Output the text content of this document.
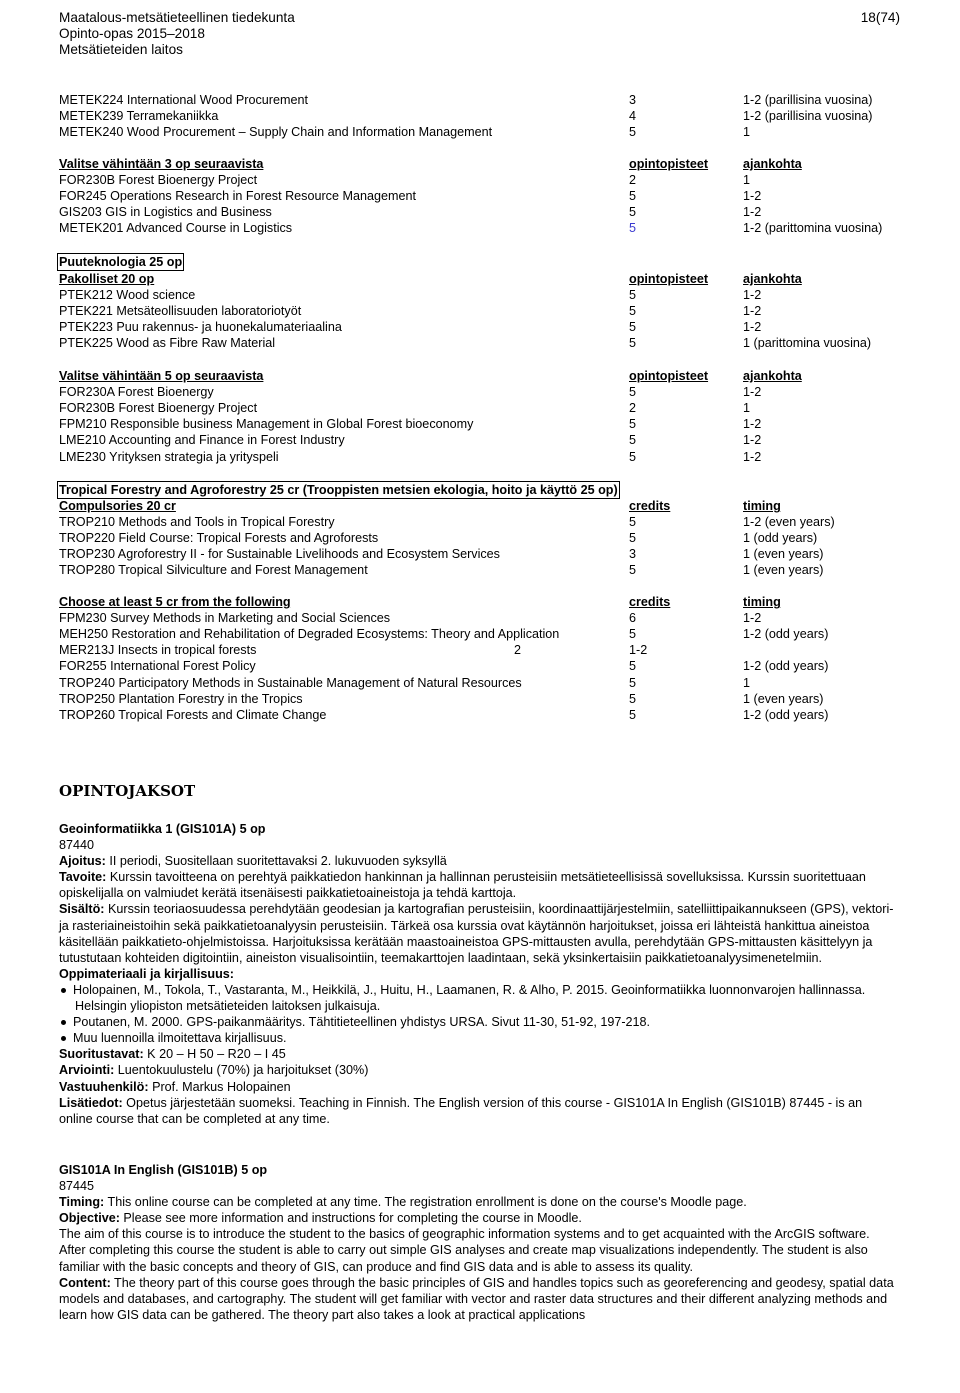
Maatalous-metsätieteellinen tiedekunta
Opinto-opas 2015–2018
Metsätieteiden laitos
18(74)
METEK224 International Wood Procurement	3	1-2 (parillisina vuosina)
METEK239 Terramekaniikka	4	1-2 (parillisina vuosina)
METEK240 Wood Procurement – Supply Chain and Information Management	5	1
Valitse vähintään 3 op seuraavista	opintopisteet	ajankohta
FOR230B Forest Bioenergy Project	2	1
FOR245 Operations Research in Forest Resource Management	5	1-2
GIS203 GIS in Logistics and Business	5	1-2
METEK201 Advanced Course in Logistics	5	1-2 (parittomina vuosina)
Puuteknologia 25 op
Pakolliset 20 op	opintopisteet	ajankohta
PTEK212 Wood science	5	1-2
PTEK221 Metsäteollisuuden laboratoriotyöt	5	1-2
PTEK223 Puu rakennus- ja huonekalumateriaalina	5	1-2
PTEK225 Wood as Fibre Raw Material	5	1 (parittomina vuosina)
Valitse vähintään 5 op seuraavista	opintopisteet	ajankohta
FOR230A Forest Bioenergy	5	1-2
FOR230B Forest Bioenergy Project	2	1
FPM210 Responsible business Management in Global Forest bioeconomy	5	1-2
LME210 Accounting and Finance in Forest Industry	5	1-2
LME230 Yrityksen strategia ja yrityspeli	5	1-2
Tropical Forestry and Agroforestry 25 cr (Trooppisten metsien ekologia, hoito ja käyttö 25 op)
Compulsories 20 cr	credits	timing
TROP210 Methods and Tools in Tropical Forestry	5	1-2 (even years)
TROP220 Field Course: Tropical Forests and Agroforests	5	1 (odd years)
TROP230 Agroforestry II - for Sustainable Livelihoods and Ecosystem Services	3	1 (even years)
TROP280 Tropical Silviculture and Forest Management	5	1 (even years)
Choose at least 5 cr from the following	credits	timing
FPM230 Survey Methods in Marketing and Social Sciences	6	1-2
MEH250 Restoration and Rehabilitation of Degraded Ecosystems: Theory and Application	5	1-2 (odd years)
MER213J Insects in tropical forests	2	1-2
FOR255 International Forest Policy	5	1-2 (odd years)
TROP240 Participatory Methods in Sustainable Management of Natural Resources	5	1
TROP250 Plantation Forestry in the Tropics	5	1 (even years)
TROP260 Tropical Forests and Climate Change	5	1-2 (odd years)
OPINTOJAKSOT

Geoinformatiikka 1 (GIS101A) 5 op

87440

Ajoitus: II periodi, Suositellaan suoritettavaksi 2. lukuvuoden syksyllä

Tavoite: Kurssin tavoitteena on perehtyä paikkatiedon hankinnan ja hallinnan perusteisiin metsätieteellisissä sovelluksissa. Kurssin suoritettuaan opiskelijalla on valmiudet kerätä itsenäisesti paikkatietoaineistoja ja tehdä karttoja.

Sisältö: Kurssin teoriaosuudessa perehdytään geodesian ja kartografian perusteisiin, koordinaattijärjestelmiin, satelliittipaikannukseen (GPS), vektori- ja rasteriaineistoihin sekä paikkatietoanalyysin perusteisiin. Tärkeä osa kurssia ovat käytännön harjoitukset, joissa eri lähteistä hankittua aineistoa käsitellään paikkatieto-ohjelmistoissa. Harjoituksissa kerätään maastoaineistoa GPS-mittausten avulla, perehdytään GPS-mittausten käsittelyyn ja tutustutaan kohteiden digitointiin, aineiston visualisointiin, teemakarttojen laadintaan, sekä yksinkertaisiin paikkatietoanalyysimenetelmiin.

Oppimateriaali ja kirjallisuus:

Holopainen, M., Tokola, T., Vastaranta, M., Heikkilä, J., Huitu, H., Laamanen, R. & Alho, P. 2015. Geoinformatiikka luonnonvarojen hallinnassa. Helsingin yliopiston metsätieteiden laitoksen julkaisuja.

Poutanen, M. 2000. GPS-paikanmääritys. Tähtitieteellinen yhdistys URSA. Sivut 11-30, 51-92, 197-218.

Muu luennoilla ilmoitettava kirjallisuus.

Suoritustavat: K 20 – H 50 – R20 – I 45

Arviointi: Luentokuulustelu (70%) ja harjoitukset (30%)

Vastuuhenkilö: Prof. Markus Holopainen

Lisätiedot: Opetus järjestetään suomeksi. Teaching in Finnish. The English version of this course - GIS101A In English (GIS101B) 87445 - is an online course that can be completed at any time.

GIS101A In English (GIS101B) 5 op

87445

Timing: This online course can be completed at any time. The registration enrollment is done on the course's Moodle page.

Objective: Please see more information and instructions for completing the course in Moodle.

The aim of this course is to introduce the student to the basics of geographic information systems and to get acquainted with the ArcGIS software. After completing this course the student is able to carry out simple GIS analyses and create map visualizations independently. The student is also familiar with the basic concepts and theory of GIS, can produce and find GIS data and is able to assess its quality.

Content: The theory part of this course goes through the basic principles of GIS and handles topics such as georeferencing and geodesy, spatial data models and databases, and cartography. The student will get familiar with vector and raster data structures and their different analyzing methods and learn how GIS data can be gathered. The theory part also takes a look at practical applications
